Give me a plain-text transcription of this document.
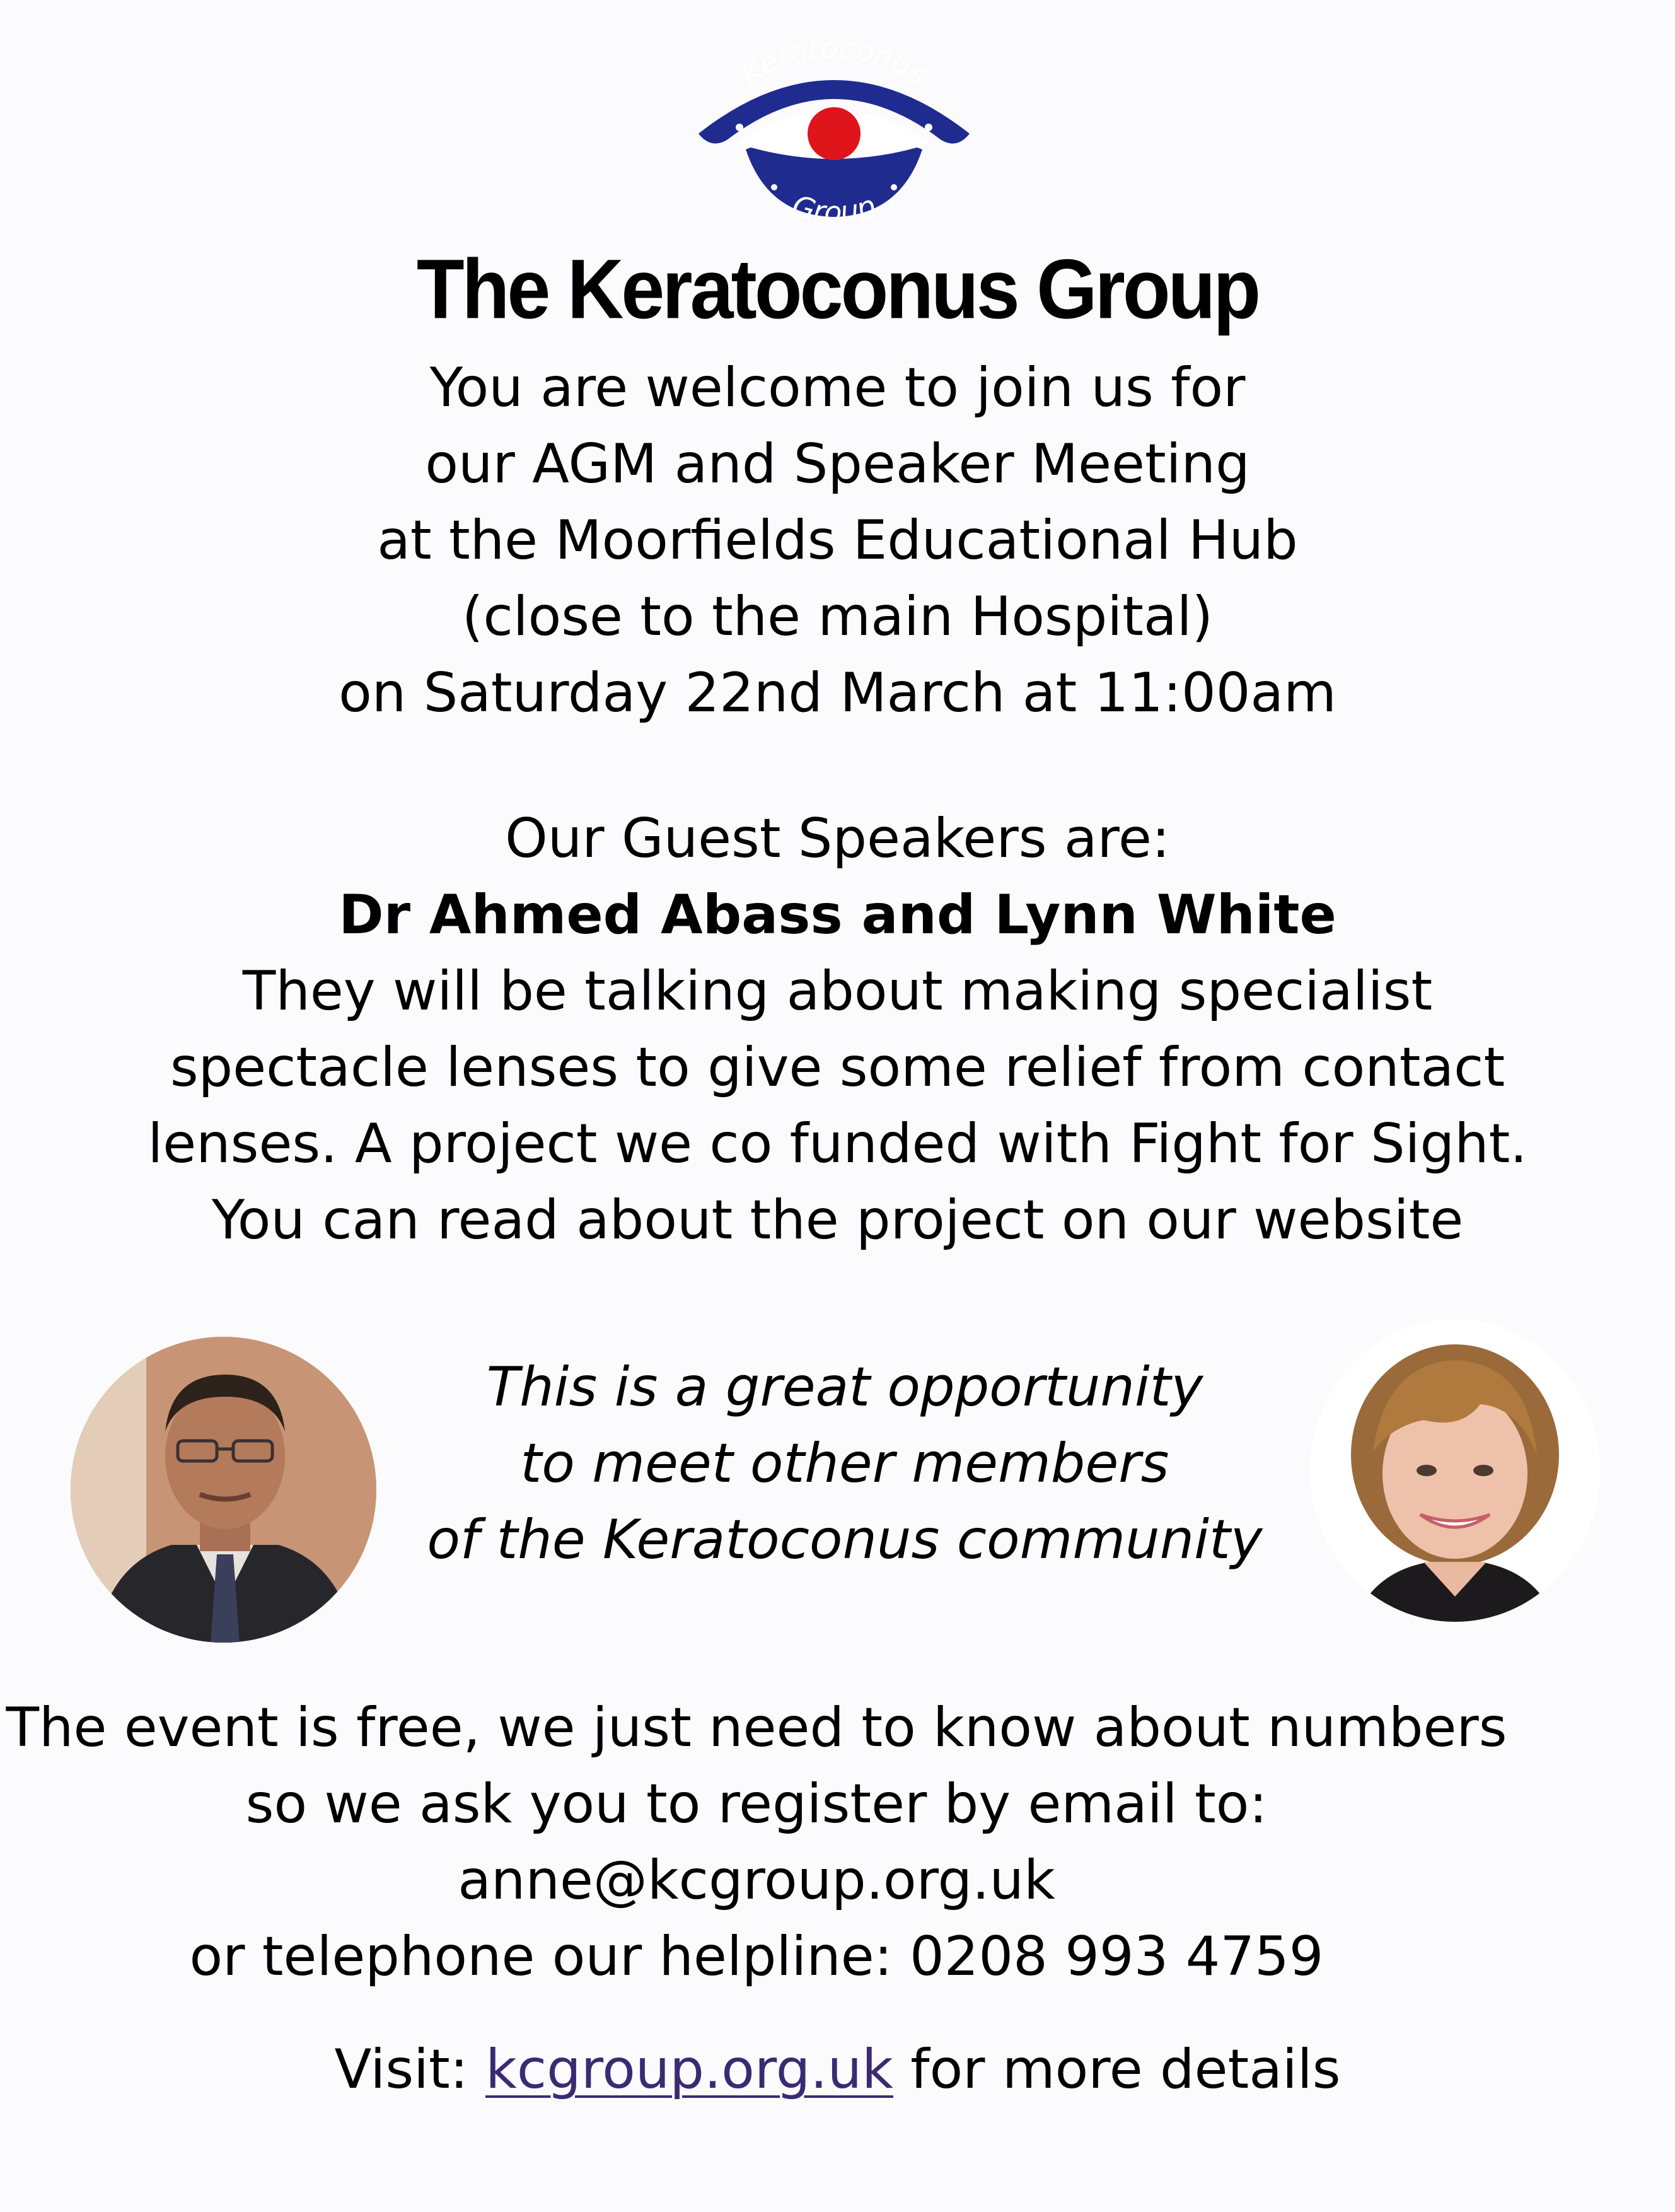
Keratoconus
Group
The Keratoconus Group
You are welcome to join us for
our AGM and Speaker Meeting
at the Moorfields Educational Hub
(close to the main Hospital)
on Saturday 22nd March at 11:00am
Our Guest Speakers are:
Dr Ahmed Abass and Lynn White
They will be talking about making specialist
spectacle lenses to give some relief from contact
lenses. A project we co funded with Fight for Sight.
You can read about the project on our website
This is a great opportunity
to meet other members
of the Keratoconus community
The event is free, we just need to know about numbers
so we ask you to register by email to:
anne@kcgroup.org.uk
or telephone our helpline: 0208 993 4759
Visit: kcgroup.org.uk for more details
